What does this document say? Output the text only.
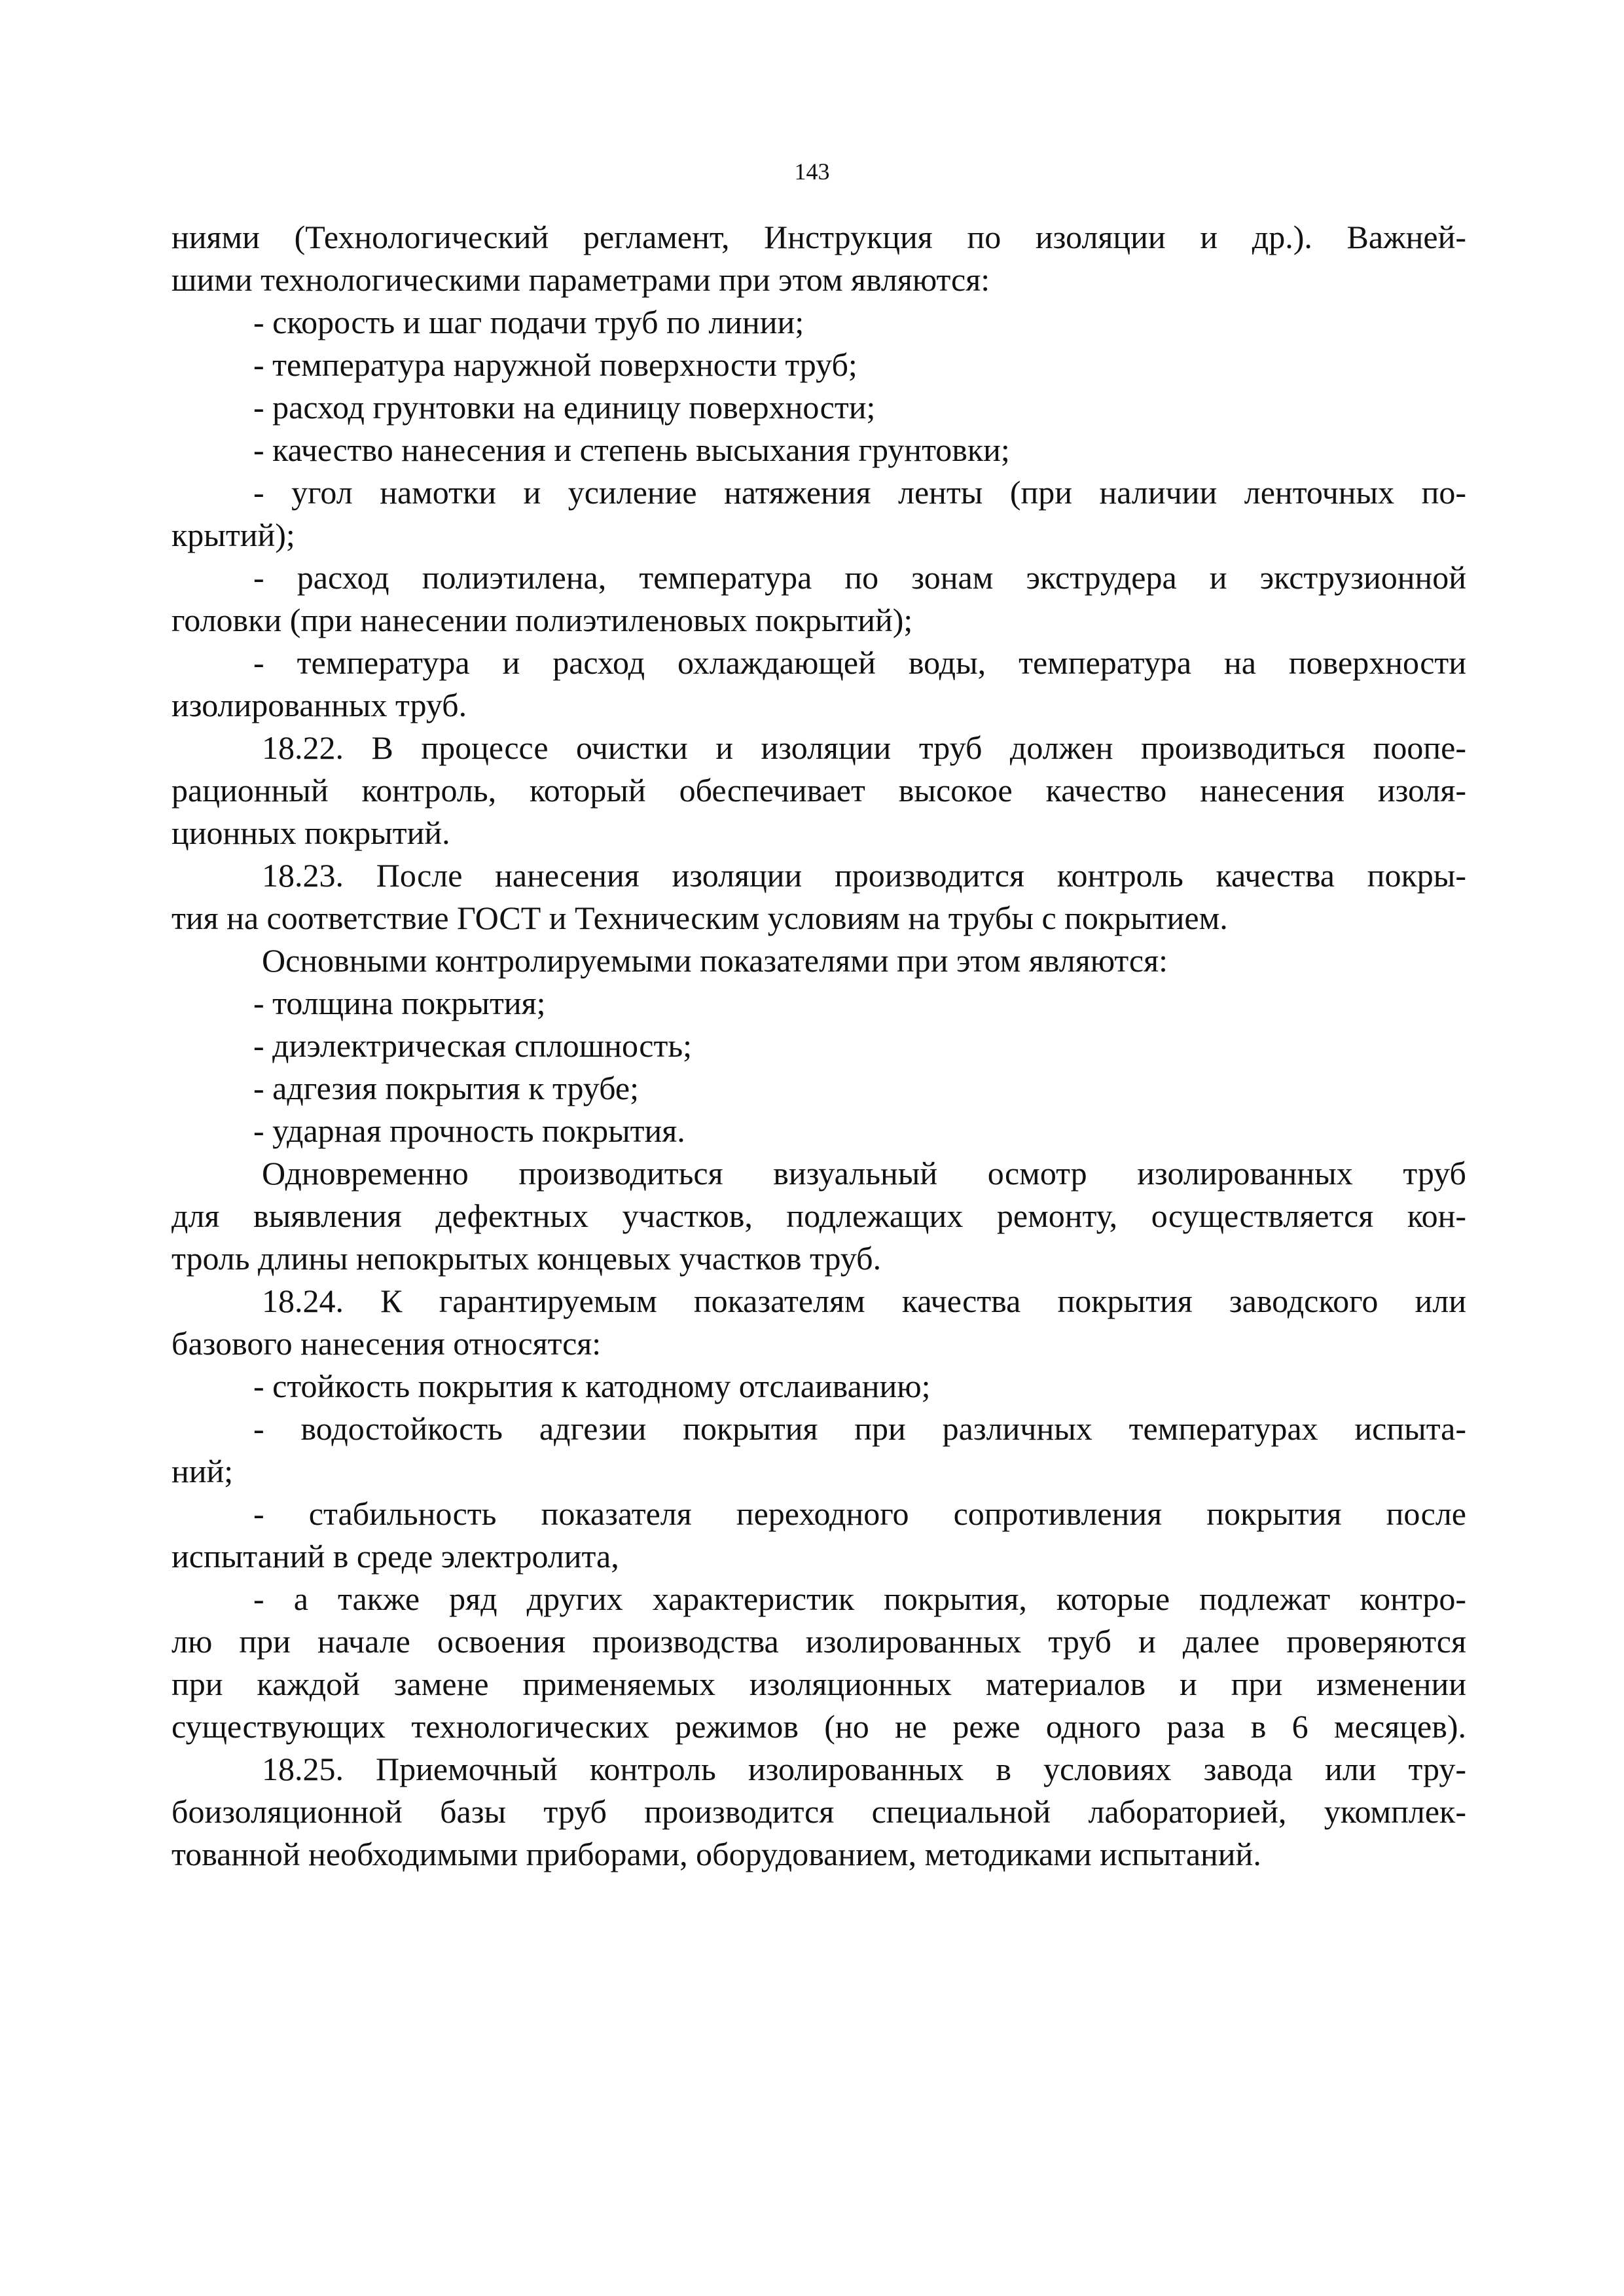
143
ниями (Технологический регламент, Инструкция по изоляции и др.). Важней-
шими технологическими параметрами при этом являются:
- скорость и шаг подачи труб по линии;
- температура наружной поверхности труб;
- расход грунтовки на единицу поверхности;
- качество нанесения и степень высыхания грунтовки;
- угол намотки и усиление натяжения ленты (при наличии ленточных по-
крытий);
- расход полиэтилена, температура по зонам экструдера и экструзионной
головки (при нанесении полиэтиленовых покрытий);
- температура и расход охлаждающей воды, температура на поверхности
изолированных труб.
18.22. В процессе очистки и изоляции труб должен производиться поопе-
рационный контроль, который обеспечивает высокое качество нанесения изоля-
ционных покрытий.
18.23. После нанесения изоляции производится контроль качества покры-
тия на соответствие ГОСТ и Техническим условиям на трубы с покрытием.
Основными контролируемыми показателями при этом являются:
- толщина покрытия;
- диэлектрическая сплошность;
- адгезия покрытия к трубе;
- ударная прочность покрытия.
Одновременно производиться визуальный осмотр изолированных труб
для выявления дефектных участков, подлежащих ремонту, осуществляется кон-
троль длины непокрытых концевых участков труб.
18.24. К гарантируемым показателям качества покрытия заводского или
базового нанесения относятся:
- стойкость покрытия к катодному отслаиванию;
- водостойкость адгезии покрытия при различных температурах испыта-
ний;
- стабильность показателя переходного сопротивления покрытия после
испытаний в среде электролита,
- а также ряд других характеристик покрытия, которые подлежат контро-
лю при начале освоения производства изолированных труб и далее проверяются
при каждой замене применяемых изоляционных материалов и при изменении
существующих технологических режимов (но не реже одного раза в 6 месяцев).
18.25. Приемочный контроль изолированных в условиях завода или тру-
боизоляционной базы труб производится специальной лабораторией, укомплек-
тованной необходимыми приборами, оборудованием, методиками испытаний.
